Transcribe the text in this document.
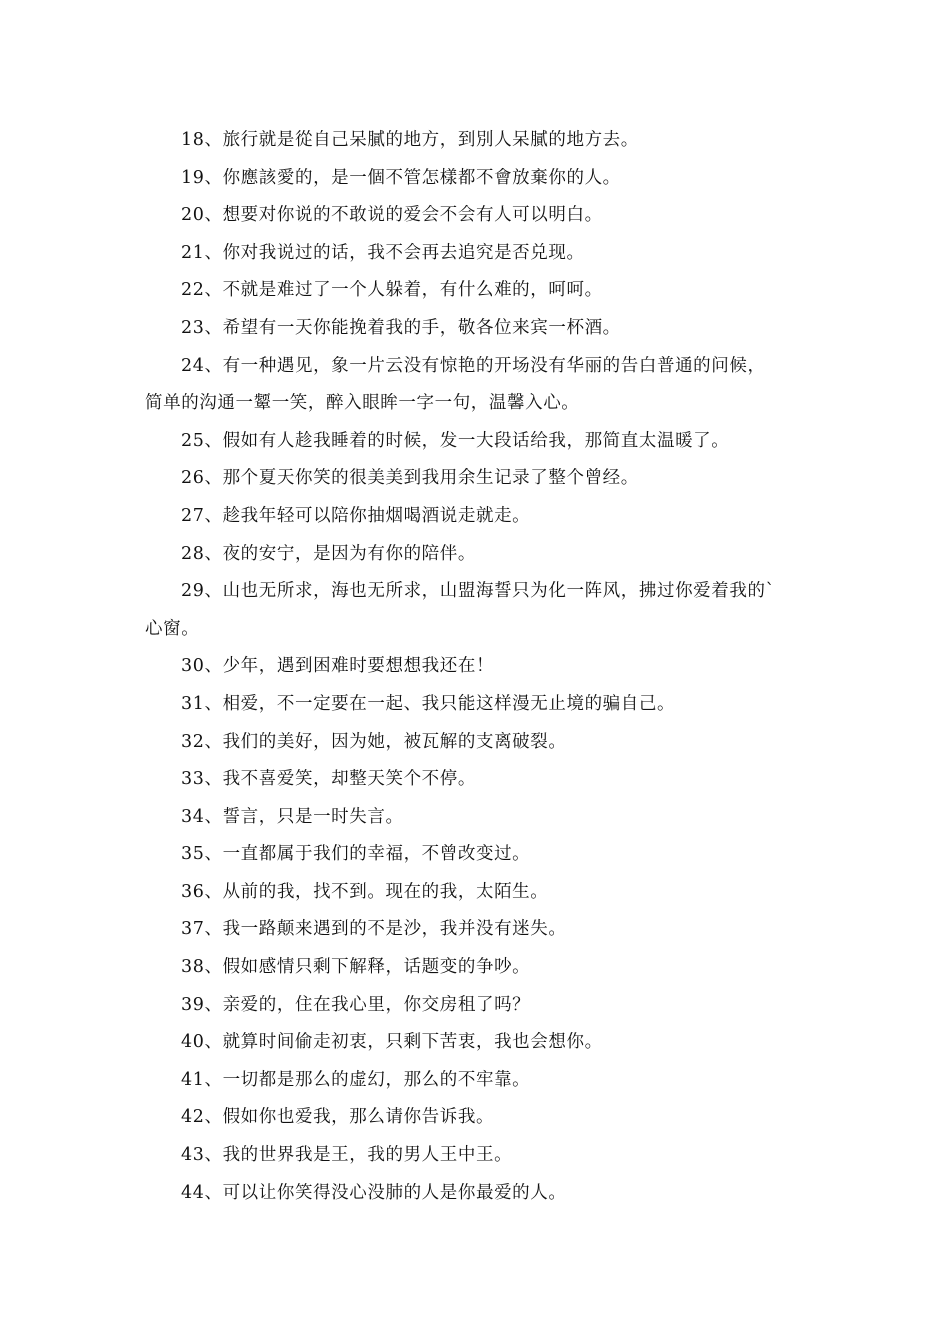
18、旅行就是從自己呆膩的地方，到別人呆膩的地方去。
19、你應該愛的，是一個不管怎樣都不會放棄你的人。
20、想要对你说的不敢说的爱会不会有人可以明白。
21、你对我说过的话，我不会再去追究是否兑现。
22、不就是难过了一个人躲着，有什么难的，呵呵。
23、希望有一天你能挽着我的手，敬各位来宾一杯酒。
24、有一种遇见，象一片云没有惊艳的开场没有华丽的告白普通的问候，
简单的沟通一颦一笑，醉入眼眸一字一句，温馨入心。
25、假如有人趁我睡着的时候，发一大段话给我，那简直太温暖了。
26、那个夏天你笑的很美美到我用余生记录了整个曾经。
27、趁我年轻可以陪你抽烟喝酒说走就走。
28、夜的安宁，是因为有你的陪伴。
29、山也无所求，海也无所求，山盟海誓只为化一阵风，拂过你爱着我的`
心窗。
30、少年，遇到困难时要想想我还在！
31、相爱，不一定要在一起、我只能这样漫无止境的骗自己。
32、我们的美好，因为她，被瓦解的支离破裂。
33、我不喜爱笑，却整天笑个不停。
34、誓言，只是一时失言。
35、一直都属于我们的幸福，不曾改变过。
36、从前的我，找不到。现在的我，太陌生。
37、我一路颠来遇到的不是沙，我并没有迷失。
38、假如感情只剩下解释，话题变的争吵。
39、亲爱的，住在我心里，你交房租了吗？
40、就算时间偷走初衷，只剩下苦衷，我也会想你。
41、一切都是那么的虚幻，那么的不牢靠。
42、假如你也爱我，那么请你告诉我。
43、我的世界我是王，我的男人王中王。
44、可以让你笑得没心没肺的人是你最爱的人。
